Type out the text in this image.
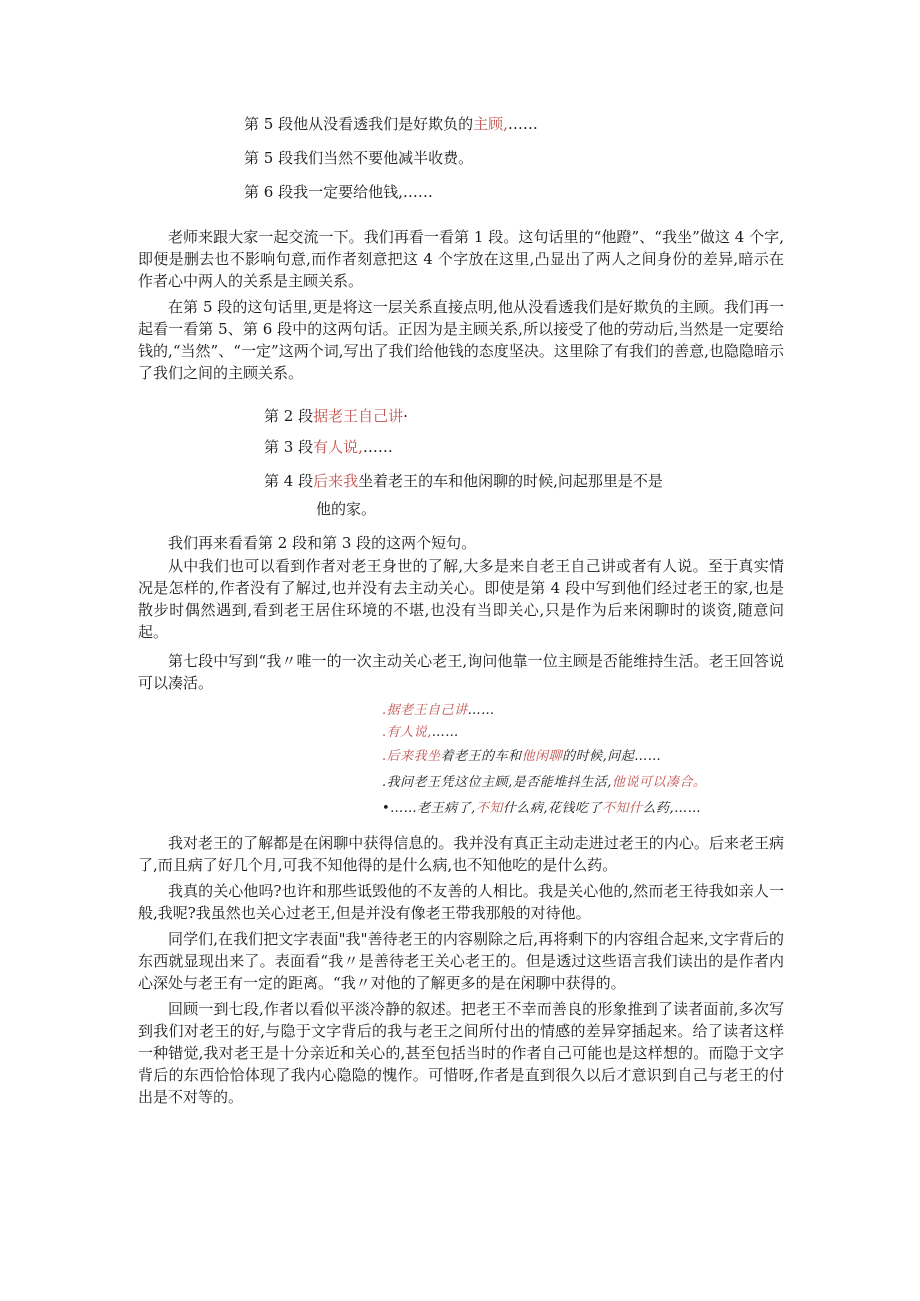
第 5 段他从没看透我们是好欺负的主顾,……
第 5 段我们当然不要他减半收费。
第 6 段我一定要给他钱,……

老师来跟大家一起交流一下。我们再看一看第 1 段。这句话里的“他蹬”、“我坐”做这 4 个字,即便是删去也不影响句意,而作者刻意把这 4 个字放在这里,凸显出了两人之间身份的差异,暗示在作者心中两人的关系是主顾关系。

在第 5 段的这句话里,更是将这一层关系直接点明,他从没看透我们是好欺负的主顾。我们再一起看一看第 5、第 6 段中的这两句话。正因为是主顾关系,所以接受了他的劳动后,当然是一定要给钱的,“当然”、“一定”这两个词,写出了我们给他钱的态度坚决。这里除了有我们的善意,也隐隐暗示了我们之间的主顾关系。

第 2 段据老王自己讲·
第 3 段有人说,……
第 4 段后来我坐着老王的车和他闲聊的时候,问起那里是不是
他的家。

我们再来看看第 2 段和第 3 段的这两个短句。

从中我们也可以看到作者对老王身世的了解,大多是来自老王自己讲或者有人说。至于真实情况是怎样的,作者没有了解过,也并没有去主动关心。即使是第 4 段中写到他们经过老王的家,也是散步时偶然遇到,看到老王居住环境的不堪,也没有当即关心,只是作为后来闲聊时的谈资,随意问起。

第七段中写到“我〃唯一的一次主动关心老王,询问他靠一位主顾是否能维持生活。老王回答说可以凑活。

.据老王自己讲……
.有人说,……
.后来我坐着老王的车和他闲聊的时候,问起……
.我问老王凭这位主顾,是否能堆抖生活,他说可以凑合。
•……老王病了,不知什么病,花钱吃了不知什么药,……

我对老王的了解都是在闲聊中获得信息的。我并没有真正主动走进过老王的内心。后来老王病了,而且病了好几个月,可我不知他得的是什么病,也不知他吃的是什么药。

我真的关心他吗?也许和那些诋毁他的不友善的人相比。我是关心他的,然而老王待我如亲人一般,我呢?我虽然也关心过老王,但是并没有像老王带我那般的对待他。

同学们,在我们把文字表面"我"善待老王的内容剔除之后,再将剩下的内容组合起来,文字背后的东西就显现出来了。表面看“我〃是善待老王关心老王的。但是透过这些语言我们读出的是作者内心深处与老王有一定的距离。“我〃对他的了解更多的是在闲聊中获得的。

回顾一到七段,作者以看似平淡冷静的叙述。把老王不幸而善良的形象推到了读者面前,多次写到我们对老王的好,与隐于文字背后的我与老王之间所付出的情感的差异穿插起来。给了读者这样一种错觉,我对老王是十分亲近和关心的,甚至包括当时的作者自己可能也是这样想的。而隐于文字背后的东西恰恰体现了我内心隐隐的愧作。可惜呀,作者是直到很久以后才意识到自己与老王的付出是不对等的。
